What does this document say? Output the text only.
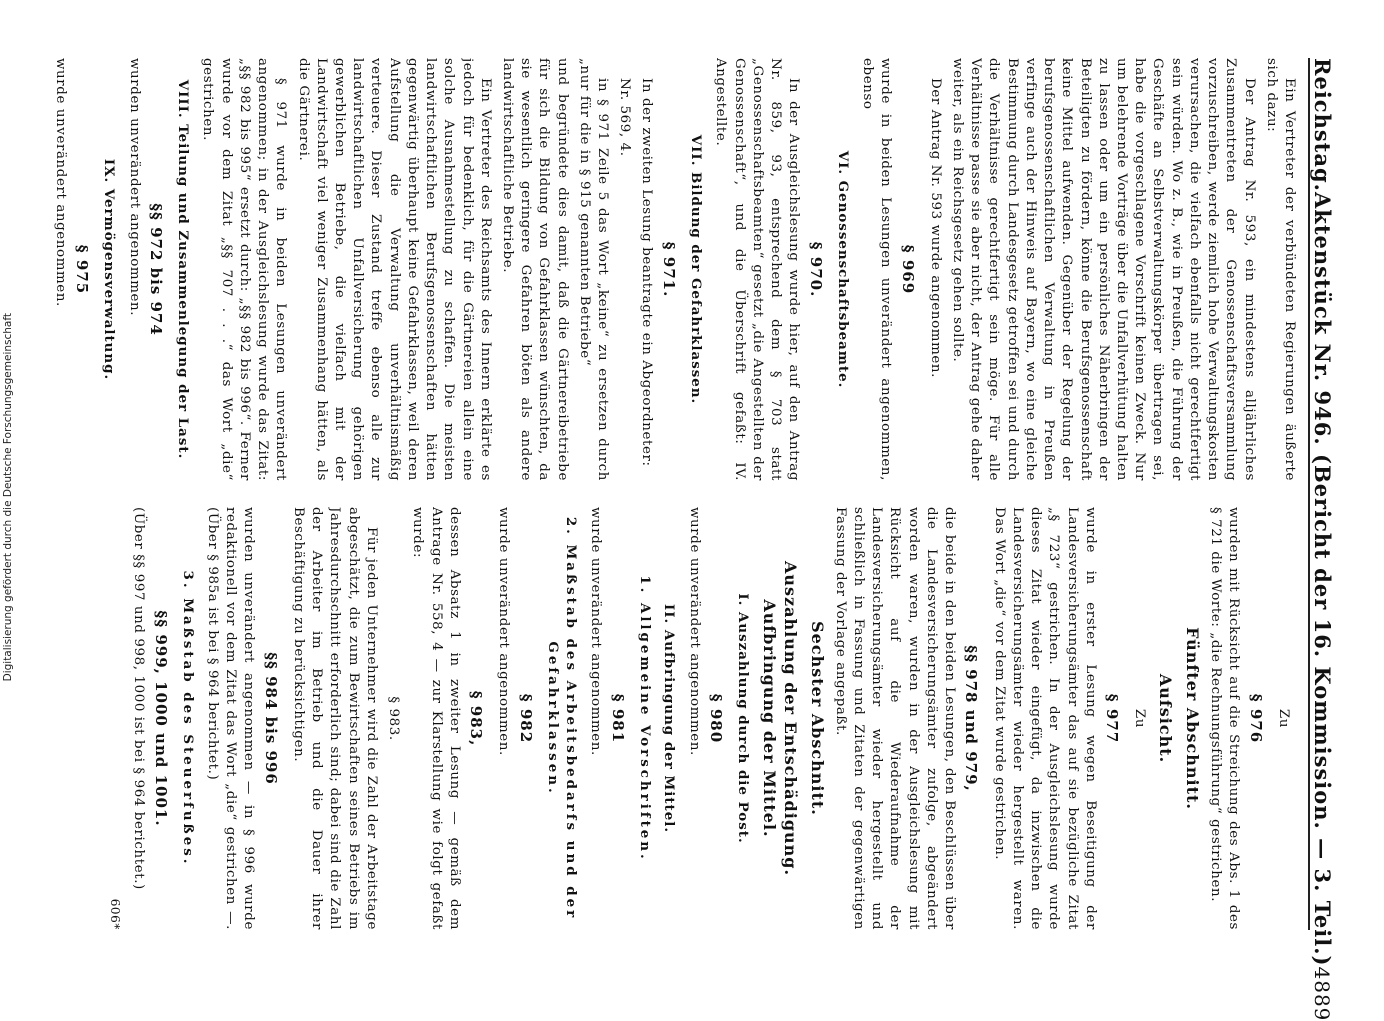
Reichstag.
Aktenstück Nr. 946. (Bericht der 16. Kommission. — 3. Teil.)
4889

Ein Vertreter der verbündeten Regierungen äußerte sich dazu:

Der Antrag Nr. 593, ein mindestens alljährliches Zusammentreten der Genossenschaftsversammlung vorzuschreiben, werde ziemlich hohe Verwaltungskosten verursachen, die vielfach ebenfalls nicht gerechtfertigt sein würden. Wo z. B., wie in Preußen, die Führung der Geschäfte an Selbstverwaltungskörper übertragen sei, habe die vorgeschlagene Vorschrift keinen Zweck. Nur um belehrende Vorträge über die Unfallverhütung halten zu lassen oder um ein persönliches Näherbringen der Beteiligten zu fördern, könne die Berufsgenossenschaft keine Mittel aufwenden. Gegenüber der Regelung der berufsgenossenschaftlichen Verwaltung in Preußen verfinge auch der Hinweis auf Bayern, wo eine gleiche Bestimmung durch Landesgesetz getroffen sei und durch die Verhältnisse gerechtfertigt sein möge. Für alle Verhältnisse passe sie aber nicht, der Antrag gehe daher weiter, als ein Reichsgesetz gehen sollte.

Der Antrag Nr. 593 wurde angenommen.

§ 969

wurde in beiden Lesungen unverändert angenommen, ebenso

VI. Genossenschaftsbeamte.
§ 970.

In der Ausgleichslesung wurde hier, auf den Antrag Nr. 859, 93, entsprechend dem § 703 statt „Genossenschaftsbeamten“ gesetzt „die Angestellten der Genossenschaft“, und die Überschrift gefaßt: IV. Angestellte.

VII. Bildung der Gefahrklassen.
§ 971.

In der zweiten Lesung beantragte ein Abgeordneter:

Nr. 569, 4.

in § 971 Zeile 5 das Wort „keine“ zu ersetzen durch „nur für die in § 915 genannten Betriebe“

und begründete dies damit, daß die Gärtnereibetriebe für sich die Bildung von Gefahrklassen wünschten, da sie wesentlich geringere Gefahren böten als andere landwirtschaftliche Betriebe.

Ein Vertreter des Reichsamts des Innern erklärte es jedoch für bedenklich, für die Gärtnereien allein eine solche Ausnahmestellung zu schaffen. Die meisten landwirtschaftlichen Berufsgenossenschaften hätten gegenwärtig überhaupt keine Gefahrklassen, weil deren Aufstellung die Verwaltung unverhältnismäßig verteuere. Dieser Zustand treffe ebenso alle zur landwirtschaftlichen Unfallversicherung gehörigen gewerblichen Betriebe, die vielfach mit der Landwirtschaft viel weniger Zusammenhang hätten, als die Gärtnerei.

§ 971 wurde in beiden Lesungen unverändert angenommen; in der Ausgleichslesung wurde das Zitat: „§§ 982 bis 995“ ersetzt durch: „§§ 982 bis 996“. Ferner wurde vor dem Zitat „§§ 707 . . .“ das Wort „die“ gestrichen.

VIII. Teilung und Zusammenlegung der Last.
§§ 972 bis 974

wurden unverändert angenommen.

IX. Vermögensverwaltung.
§ 975

wurde unverändert angenommen.

Zu
§ 976

wurden mit Rücksicht auf die Streichung des Abs. 1 des § 721 die Worte: „die Rechnungsführung“ gestrichen.

Fünfter Abschnitt.
Aufsicht.
Zu
§ 977

wurde in erster Lesung wegen Beseitigung der Landesversicherungsämter das auf sie bezügliche Zitat „§ 723“ gestrichen. In der Ausgleichslesung wurde dieses Zitat wieder eingefügt, da inzwischen die Landesversicherungsämter wieder hergestellt waren. Das Wort „die“ vor dem Zitat wurde gestrichen.

§§ 978 und 979,

die beide in den beiden Lesungen, den Beschlüssen über die Landesversicherungsämter zufolge, abgeändert worden waren, wurden in der Ausgleichslesung mit Rücksicht auf die Wiederaufnahme der Landesversicherungsämter wieder hergestellt und schließlich in Fassung und Zitaten der gegenwärtigen Fassung der Vorlage angepaßt.

Sechster Abschnitt.
Auszahlung der Entschädigung. Aufbringung der Mittel.
I. Auszahlung durch die Post.
§ 980

wurde unverändert angenommen.

II. Aufbringung der Mittel.
1. Allgemeine Vorschriften.
§ 981

wurde unverändert angenommen.

2. Maßstab des Arbeitsbedarfs und der Gefahrklassen.
§ 982

wurde unverändert angenommen.

§ 983,

dessen Absatz 1 in zweiter Lesung — gemäß dem Antrage Nr. 558, 4 — zur Klarstellung wie folgt gefaßt wurde:

§ 983.

Für jeden Unternehmer wird die Zahl der Arbeitstage abgeschätzt, die zum Bewirtschaften seines Betriebs im Jahresdurchschnitt erforderlich sind; dabei sind die Zahl der Arbeiter im Betrieb und die Dauer ihrer Beschäftigung zu berücksichtigen.

§§ 984 bis 996

wurden unverändert angenommen — in § 996 wurde redaktionell vor dem Zitat das Wort „die“ gestrichen —. (Über § 985a ist bei § 964 berichtet.)

3. Maßstab des Steuerfußes.
§§ 999, 1000 und 1001.

(Über §§ 997 und 998, 1000 ist bei § 964 berichtet.)

606*
Digitalisierung gefördert durch die Deutsche Forschungsgemeinschaft
